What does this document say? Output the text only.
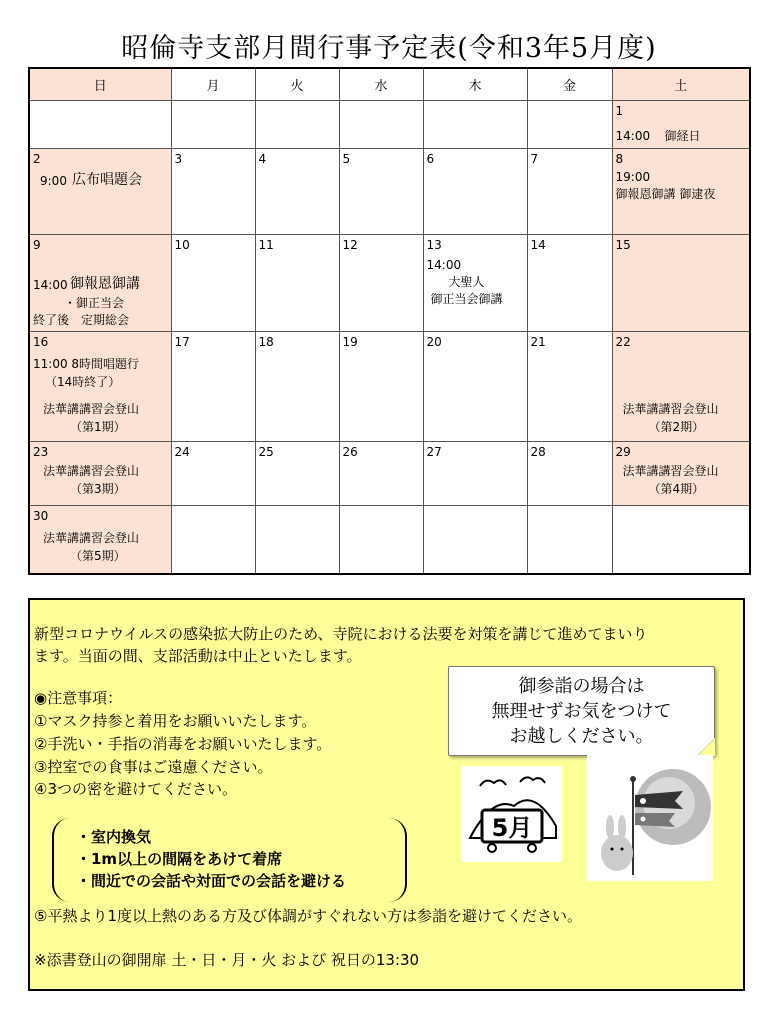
昭倫寺支部月間行事予定表(令和3年5月度)
日	月	火	水	木	金	土

						1
14:00 御経日

2
9:00 広布唱題会	3	4	5	6	7	8
19:00
御報恩御講 御逮夜

9
14:00 御報恩御講
・御正当会
終了後　定期総会	10	11	12	13
14:00
大聖人
御正当会御講	14	15

16
11:00 8時間唱題行
（14時終了）
法華講講習会登山
（第1期）	17	18	19	20	21	22
法華講講習会登山
（第2期）

23
法華講講習会登山
（第3期）	24	25	26	27	28	29
法華講講習会登山
（第4期）

30
法華講講習会登山
（第5期）						

新型コロナウイルスの感染拡大防止のため、寺院における法要を対策を講じて進めてまいり
ます。当面の間、支部活動は中止といたします。
◉注意事項：
①マスク持参と着用をお願いいたします。
②手洗い・手指の消毒をお願いいたします。
③控室での食事はご遠慮ください。
④3つの密を避けてください。
・室内換気
・1m以上の間隔をあけて着席
・間近での会話や対面での会話を避ける
⑤平熱より1度以上熱のある方及び体調がすぐれない方は参詣を避けてください。
※添書登山の御開扉 土・日・月・火 および 祝日の13:30
御参詣の場合は
無理せずお気をつけて
お越しください。
5月
